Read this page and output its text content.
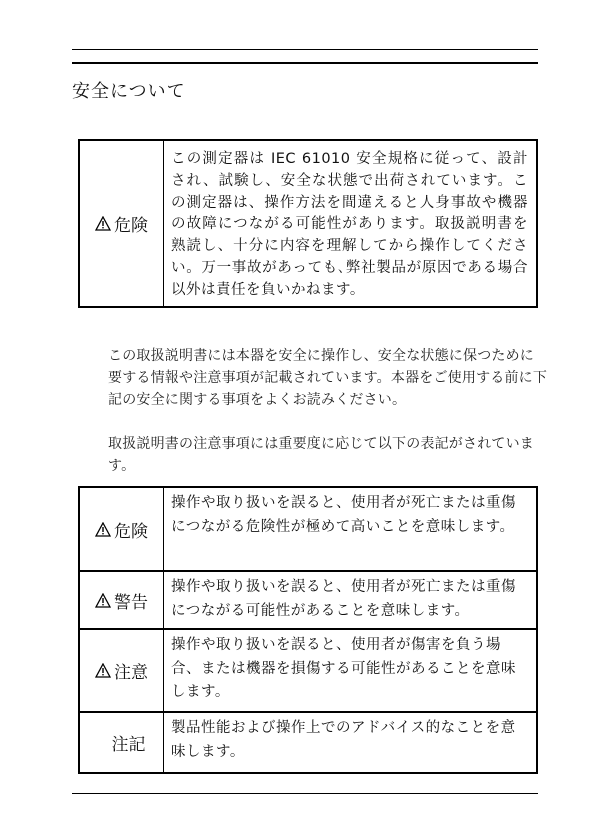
安全について
危険
この測定器は IEC 61010 安全規格に従って、設計され、試験し、安全な状態で出荷されています。この測定器は、操作方法を間違えると人身事故や機器の故障につながる可能性があります。取扱説明書を熟読し、十分に内容を理解してから操作してください。万一事故があっても､弊社製品が原因である場合以外は責任を負いかねます。
この取扱説明書には本器を安全に操作し、安全な状態に保つために要する情報や注意事項が記載されています。本器をご使用する前に下記の安全に関する事項をよくお読みください。
取扱説明書の注意事項には重要度に応じて以下の表記がされています。
危険
操作や取り扱いを誤ると、使用者が死亡または重傷につながる危険性が極めて高いことを意味します。
警告
操作や取り扱いを誤ると、使用者が死亡または重傷につながる可能性があることを意味します。
注意
操作や取り扱いを誤ると、使用者が傷害を負う場合、または機器を損傷する可能性があることを意味します。
注記
製品性能および操作上でのアドバイス的なことを意味します。
